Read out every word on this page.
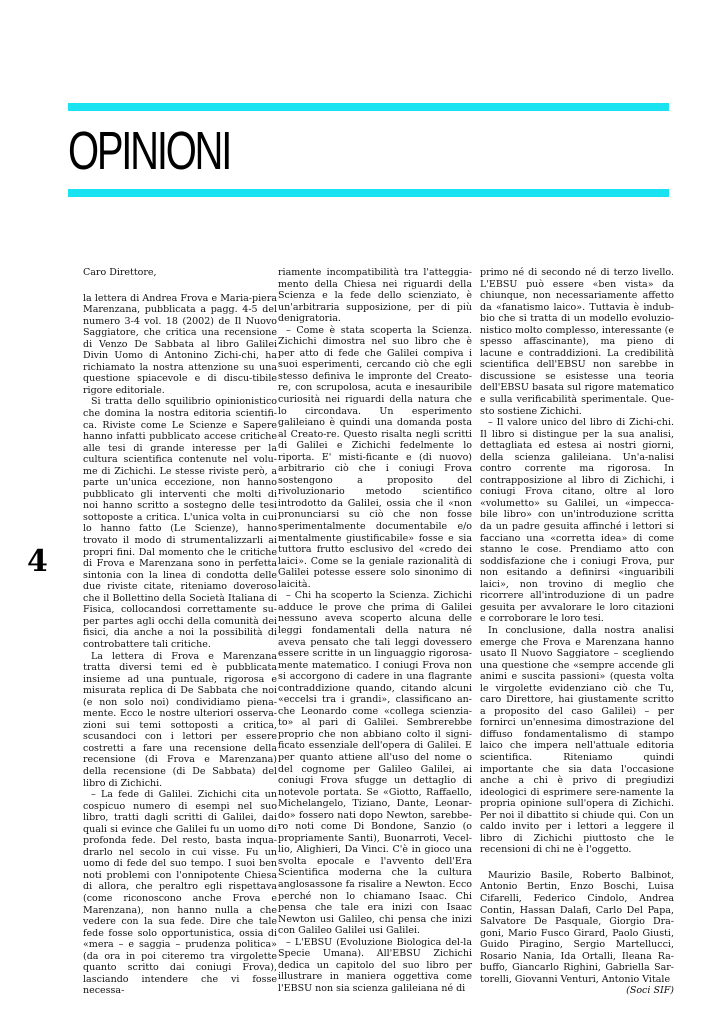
OPINIONI
4

Caro Direttore,

la lettera di Andrea Frova e Maria-piera Marenzana, pubblicata a pagg. 4-5 del numero 3-4 vol. 18 (2002) de Il Nuovo Saggiatore, che critica una recensione di Venzo De Sabbata al libro Galilei Divin Uomo di Antonino Zichi-chi, ha richiamato la nostra attenzione su una questione spiacevole e di discu-tibile rigore editoriale.

Si tratta dello squilibrio opinionistico che domina la nostra editoria scientifi-ca. Riviste come Le Scienze e Sapere hanno infatti pubblicato accese critiche alle tesi di grande interesse per la cultura scientifica contenute nel volu-me di Zichichi. Le stesse riviste però, a parte un'unica eccezione, non hanno pubblicato gli interventi che molti di noi hanno scritto a sostegno delle tesi sottoposte a critica. L'unica volta in cui lo hanno fatto (Le Scienze), hanno trovato il modo di strumentalizzarli ai propri fini. Dal momento che le critiche di Frova e Marenzana sono in perfetta sintonia con la linea di condotta delle due riviste citate, riteniamo doveroso che il Bollettino della Società Italiana di Fisica, collocandosi correttamente su-per partes agli occhi della comunità dei fisici, dia anche a noi la possibilità di controbattere tali critiche.

La lettera di Frova e Marenzana tratta diversi temi ed è pubblicata insieme ad una puntuale, rigorosa e misurata replica di De Sabbata che noi (e non solo noi) condividiamo piena-mente. Ecco le nostre ulteriori osserva-zioni sui temi sottoposti a critica, scusandoci con i lettori per essere costretti a fare una recensione della recensione (di Frova e Marenzana) della recensione (di De Sabbata) del libro di Zichichi.

– La fede di Galilei. Zichichi cita un cospicuo numero di esempi nel suo libro, tratti dagli scritti di Galilei, dai quali si evince che Galilei fu un uomo di profonda fede. Del resto, basta inqua-drarlo nel secolo in cui visse. Fu un uomo di fede del suo tempo. I suoi ben noti problemi con l'onnipotente Chiesa di allora, che peraltro egli rispettava (come riconoscono anche Frova e Marenzana), non hanno nulla a che vedere con la sua fede. Dire che tale fede fosse solo opportunistica, ossia di «mera – e saggia – prudenza politica» (da ora in poi citeremo tra virgolette quanto scritto dai coniugi Frova), lasciando intendere che vi fosse necessa-

riamente incompatibilità tra l'atteggia-mento della Chiesa nei riguardi della Scienza e la fede dello scienziato, è un'arbitraria supposizione, per di più denigratoria.

– Come è stata scoperta la Scienza. Zichichi dimostra nel suo libro che è per atto di fede che Galilei compiva i suoi esperimenti, cercando ciò che egli stesso definiva le impronte del Creato-re, con scrupolosa, acuta e inesauribile curiosità nei riguardi della natura che lo circondava. Un esperimento galileiano è quindi una domanda posta al Creato-re. Questo risalta negli scritti di Galilei e Zichichi fedelmente lo riporta. E' misti-ficante e (di nuovo) arbitrario ciò che i coniugi Frova sostengono a proposito del rivoluzionario metodo scientifico introdotto da Galilei, ossia che il «non pronunciarsi su ciò che non fosse sperimentalmente documentabile e/o mentalmente giustificabile» fosse e sia tuttora frutto esclusivo del «credo dei laici». Come se la geniale razionalità di Galilei potesse essere solo sinonimo di laicità.

– Chi ha scoperto la Scienza. Zichichi adduce le prove che prima di Galilei nessuno aveva scoperto alcuna delle leggi fondamentali della natura né aveva pensato che tali leggi dovessero essere scritte in un linguaggio rigorosa-mente matematico. I coniugi Frova non si accorgono di cadere in una flagrante contraddizione quando, citando alcuni «eccelsi tra i grandi», classificano an-che Leonardo come «collega scienzia-to» al pari di Galilei. Sembrerebbe proprio che non abbiano colto il signi-ficato essenziale dell'opera di Galilei. E per quanto attiene all'uso del nome o del cognome per Galileo Galilei, ai coniugi Frova sfugge un dettaglio di notevole portata. Se «Giotto, Raffaello, Michelangelo, Tiziano, Dante, Leonar-do» fossero nati dopo Newton, sarebbe-ro noti come Di Bondone, Sanzio (o propriamente Santi), Buonarroti, Vecel-lio, Alighieri, Da Vinci. C'è in gioco una svolta epocale e l'avvento dell'Era Scientifica moderna che la cultura anglosassone fa risalire a Newton. Ecco perché non lo chiamano Isaac. Chi pensa che tale era inizi con Isaac Newton usi Galileo, chi pensa che inizi con Galileo Galilei usi Galilei.

– L'EBSU (Evoluzione Biologica del-la Specie Umana). All'EBSU Zichichi dedica un capitolo del suo libro per illustrare in maniera oggettiva come l'EBSU non sia scienza galileiana né di

primo né di secondo né di terzo livello. L'EBSU può essere «ben vista» da chiunque, non necessariamente affetto da «fanatismo laico». Tuttavia è indub-bio che si tratta di un modello evoluzio-nistico molto complesso, interessante (e spesso affascinante), ma pieno di lacune e contraddizioni. La credibilità scientifica dell'EBSU non sarebbe in discussione se esistesse una teoria dell'EBSU basata sul rigore matematico e sulla verificabilità sperimentale. Que-sto sostiene Zichichi.

– Il valore unico del libro di Zichi-chi. Il libro si distingue per la sua analisi, dettagliata ed estesa ai nostri giorni, della scienza galileiana. Un'a-nalisi contro corrente ma rigorosa. In contrapposizione al libro di Zichichi, i coniugi Frova citano, oltre al loro «volumetto» su Galilei, un «impecca-bile libro» con un'introduzione scritta da un padre gesuita affinché i lettori si facciano una «corretta idea» di come stanno le cose. Prendiamo atto con soddisfazione che i coniugi Frova, pur non esitando a definirsi «inguaribili laici», non trovino di meglio che ricorrere all'introduzione di un padre gesuita per avvalorare le loro citazioni e corroborare le loro tesi.

In conclusione, dalla nostra analisi emerge che Frova e Marenzana hanno usato Il Nuovo Saggiatore – scegliendo una questione che «sempre accende gli animi e suscita passioni» (questa volta le virgolette evidenziano ciò che Tu, caro Direttore, hai giustamente scritto a proposito del caso Galilei) – per fornirci un'ennesima dimostrazione del diffuso fondamentalismo di stampo laico che impera nell'attuale editoria scientifica. Riteniamo quindi importante che sia data l'occasione anche a chi è privo di pregiudizi ideologici di esprimere sere-namente la propria opinione sull'opera di Zichichi. Per noi il dibattito si chiude qui. Con un caldo invito per i lettori a leggere il libro di Zichichi piuttosto che le recensioni di chi ne è l'oggetto.

Maurizio Basile, Roberto Balbinot, Antonio Bertin, Enzo Boschi, Luisa Cifarelli, Federico Cindolo, Andrea Contin, Hassan Dalafi, Carlo Del Papa, Salvatore De Pasquale, Giorgio Dra-goni, Mario Fusco Girard, Paolo Giusti, Guido Piragino, Sergio Martellucci, Rosario Nania, Ida Ortalli, Ileana Ra-buffo, Giancarlo Righini, Gabriella Sar-torelli, Giovanni Venturi, Antonio Vitale

(Soci SIF)
